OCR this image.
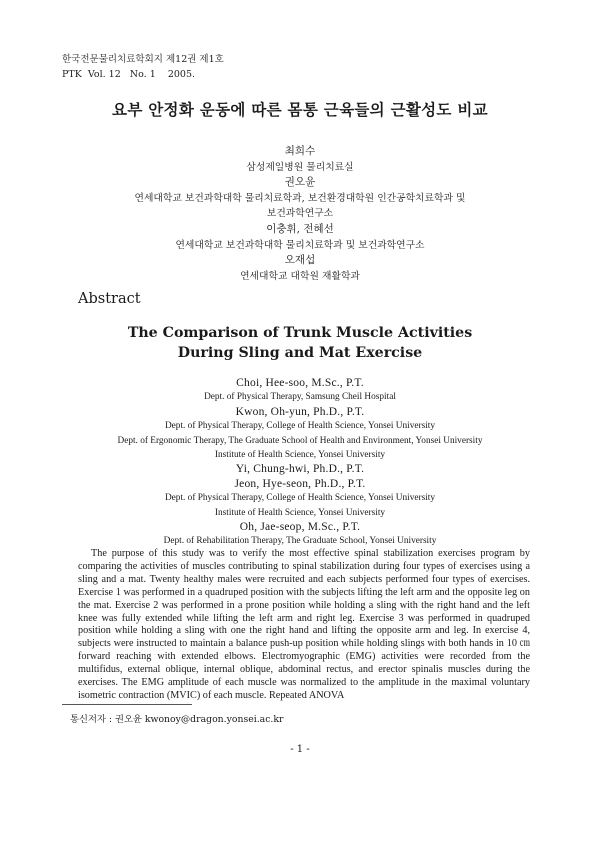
한국전문물리치료학회지 제12권 제1호
PTK  Vol. 12   No. 1    2005.
요부 안정화 운동에 따른 몸통 근육들의 근활성도 비교
최희수
삼성제일병원 물리치료실
권오윤
연세대학교 보건과학대학 물리치료학과, 보건환경대학원 인간공학치료학과 및
보건과학연구소
이충휘, 전혜선
연세대학교 보건과학대학 물리치료학과 및 보건과학연구소
오재섭
연세대학교 대학원 재활학과
Abstract
The Comparison of Trunk Muscle Activities
During Sling and Mat Exercise
Choi, Hee-soo, M.Sc., P.T.
Dept. of Physical Therapy, Samsung Cheil Hospital
Kwon, Oh-yun, Ph.D., P.T.
Dept. of Physical Therapy, College of Health Science, Yonsei University
Dept. of Ergonomic Therapy, The Graduate School of Health and Environment, Yonsei University
Institute of Health Science, Yonsei University
Yi, Chung-hwi, Ph.D., P.T.
Jeon, Hye-seon, Ph.D., P.T.
Dept. of Physical Therapy, College of Health Science, Yonsei University
Institute of Health Science, Yonsei University
Oh, Jae-seop, M.Sc., P.T.
Dept. of Rehabilitation Therapy, The Graduate School, Yonsei University

The purpose of this study was to verify the most effective spinal stabilization exercises program by comparing the activities of muscles contributing to spinal stabilization during four types of exercises using a sling and a mat. Twenty healthy males were recruited and each subjects performed four types of exercises. Exercise 1 was performed in a quadruped position with the subjects lifting the left arm and the opposite leg on the mat. Exercise 2 was performed in a prone position while holding a sling with the right hand and the left knee was fully extended while lifting the left arm and right leg. Exercise 3 was performed in quadruped position while holding a sling with one the right hand and lifting the opposite arm and leg. In exercise 4, subjects were instructed to maintain a balance push-up position while holding slings with both hands in 10 ㎝ forward reaching with extended elbows. Electromyographic (EMG) activities were recorded from the multifidus, external oblique, internal oblique, abdominal rectus, and erector spinalis muscles during the exercises. The EMG amplitude of each muscle was normalized to the amplitude in the maximal voluntary isometric contraction (MVIC) of each muscle. Repeated ANOVA

통신저자 : 권오윤 kwonoy@dragon.yonsei.ac.kr
- 1 -
